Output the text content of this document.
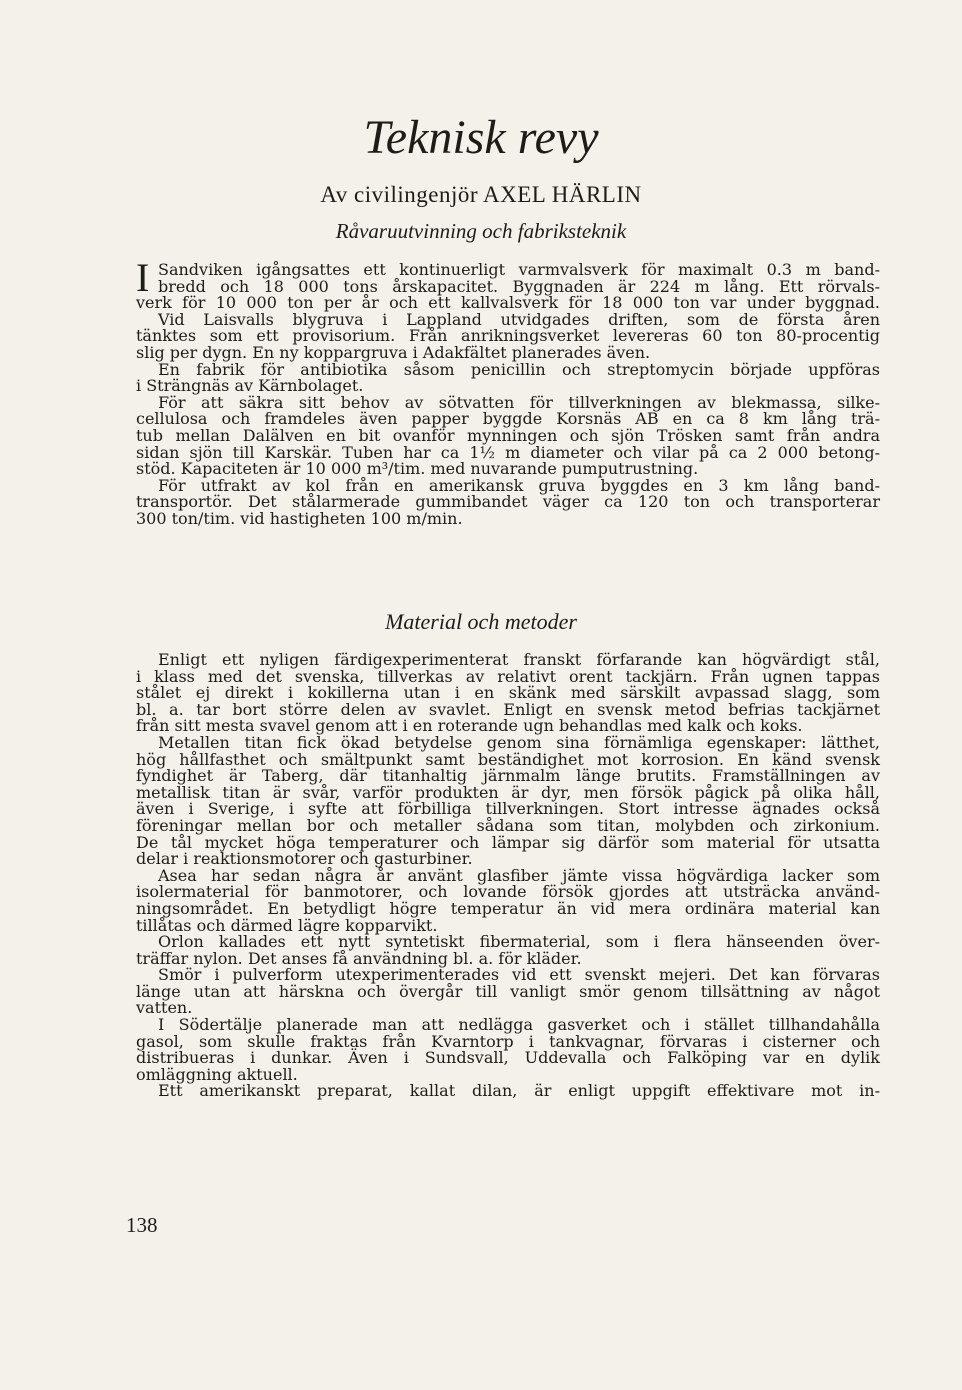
Teknisk revy
Av civilingenjör AXEL HÄRLIN
Råvaruutvinning och fabriksteknik
I Sandviken igångsattes ett kontinuerligt varmvalsverk för maximalt 0.3 m band-
bredd och 18 000 tons årskapacitet. Byggnaden är 224 m lång. Ett rörvals-
verk för 10 000 ton per år och ett kallvalsverk för 18 000 ton var under byggnad.
Vid Laisvalls blygruva i Lappland utvidgades driften, som de första åren
tänktes som ett provisorium. Från anrikningsverket levereras 60 ton 80-procentig
slig per dygn. En ny koppargruva i Adakfältet planerades även.
En fabrik för antibiotika såsom penicillin och streptomycin började uppföras
i Strängnäs av Kärnbolaget.
För att säkra sitt behov av sötvatten för tillverkningen av blekmassa, silke-
cellulosa och framdeles även papper byggde Korsnäs AB en ca 8 km lång trä-
tub mellan Dalälven en bit ovanför mynningen och sjön Trösken samt från andra
sidan sjön till Karskär. Tuben har ca 1½ m diameter och vilar på ca 2 000 betong-
stöd. Kapaciteten är 10 000 m³/tim. med nuvarande pumputrustning.
För utfrakt av kol från en amerikansk gruva byggdes en 3 km lång band-
transportör. Det stålarmerade gummibandet väger ca 120 ton och transporterar
300 ton/tim. vid hastigheten 100 m/min.
Material och metoder
Enligt ett nyligen färdigexperimenterat franskt förfarande kan högvärdigt stål,
i klass med det svenska, tillverkas av relativt orent tackjärn. Från ugnen tappas
stålet ej direkt i kokillerna utan i en skänk med särskilt avpassad slagg, som
bl. a. tar bort större delen av svavlet. Enligt en svensk metod befrias tackjärnet
från sitt mesta svavel genom att i en roterande ugn behandlas med kalk och koks.
Metallen titan fick ökad betydelse genom sina förnämliga egenskaper: lätthet,
hög hållfasthet och smältpunkt samt beständighet mot korrosion. En känd svensk
fyndighet är Taberg, där titanhaltig järnmalm länge brutits. Framställningen av
metallisk titan är svår, varför produkten är dyr, men försök pågick på olika håll,
även i Sverige, i syfte att förbilliga tillverkningen. Stort intresse ägnades också
föreningar mellan bor och metaller sådana som titan, molybden och zirkonium.
De tål mycket höga temperaturer och lämpar sig därför som material för utsatta
delar i reaktionsmotorer och gasturbiner.
Asea har sedan några år använt glasfiber jämte vissa högvärdiga lacker som
isolermaterial för banmotorer, och lovande försök gjordes att utsträcka använd-
ningsområdet. En betydligt högre temperatur än vid mera ordinära material kan
tillåtas och därmed lägre kopparvikt.
Orlon kallades ett nytt syntetiskt fibermaterial, som i flera hänseenden över-
träffar nylon. Det anses få användning bl. a. för kläder.
Smör i pulverform utexperimenterades vid ett svenskt mejeri. Det kan förvaras
länge utan att härskna och övergår till vanligt smör genom tillsättning av något
vatten.
I Södertälje planerade man att nedlägga gasverket och i stället tillhandahålla
gasol, som skulle fraktas från Kvarntorp i tankvagnar, förvaras i cisterner och
distribueras i dunkar. Även i Sundsvall, Uddevalla och Falköping var en dylik
omläggning aktuell.
Ett amerikanskt preparat, kallat dilan, är enligt uppgift effektivare mot in-
138
